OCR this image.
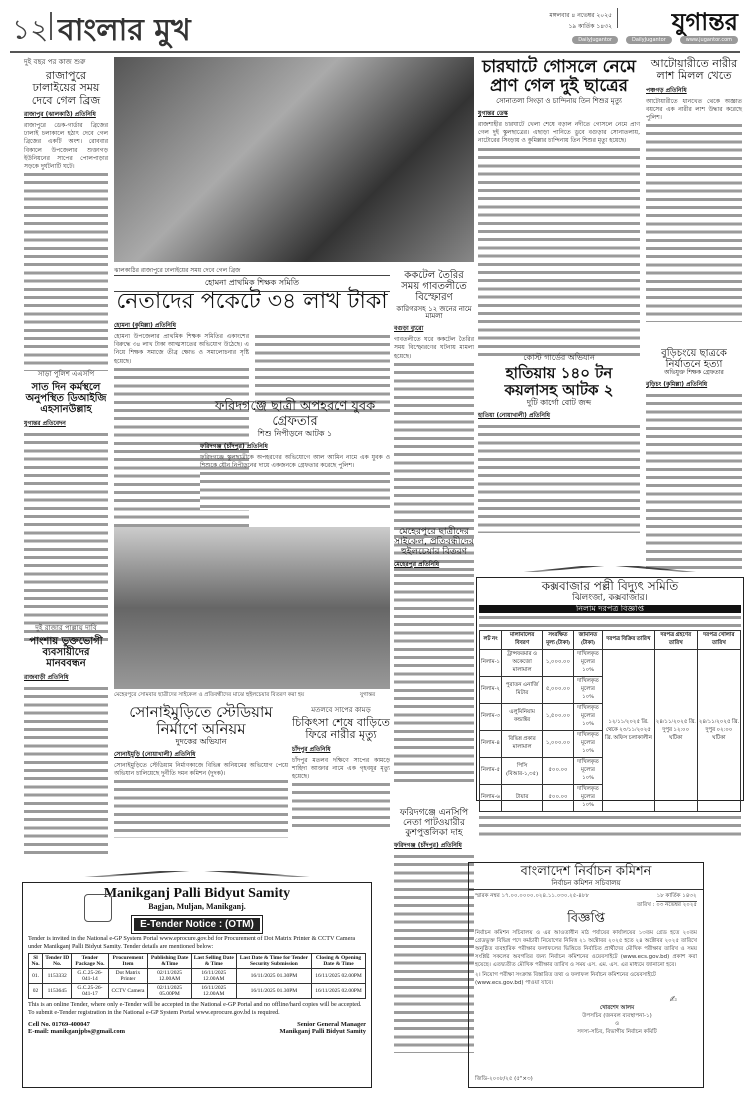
১২ বাংলার মুখ	মঙ্গলবার ৪ নভেম্বর ২০২৫
১৯ কার্তিক ১৪৩২ যুগান্তর
DailyJugantor	DailyJugantor	www.jugantor.com
দুই বছর পর কাজ শুরু
রাজাপুরে ঢালাইয়ের সময় দেবে গেল ব্রিজ
রাজাপুর (ঝালকাঠি) প্রতিনিধি
রাজাপুরে ডেক-গার্ডার ব্রিজের ঢালাই চলাকালে হঠাৎ দেবে গেল ব্রিজের একটি অংশ। রোববার বিকালে উপজেলার শুক্তাগড় ইউনিয়নের সাপের পোলপাড়ার সড়কে দুর্ঘটনাটি ঘটে।
সাড়া পুলিশ এএসপি
সাত দিন কর্মস্থলে অনুপস্থিত ডিআইজি এহসানউল্লাহ
যুগান্তর প্রতিবেদন
দুই রাজার পাল্লায় দাবি
পাংশায় ভুক্তভোগী ব্যবসায়ীদের মানববন্ধন
রাজবাড়ী প্রতিনিধি
ঝালকাঠির রাজাপুরে ঢালাইয়ের সময় দেবে গেল ব্রিজ
হোমনা প্রাথমিক শিক্ষক সমিতি
নেতাদের পকেটে ৩৪ লাখ টাকা
হোমনা (কুমিল্লা) প্রতিনিধি
হোমনা উপজেলার প্রাথমিক শিক্ষক সমিতির একাংশের বিরুদ্ধে ৩৪ লাখ টাকা আত্মসাতের অভিযোগ উঠেছে। এ নিয়ে শিক্ষক সমাজে তীব্র ক্ষোভ ও সমালোচনার সৃষ্টি হয়েছে।
ককটেল তৈরির সময় গাবতলীতে বিস্ফোরণ
কারিগরসহ ১২ জনের নামে মামলা
বগুড়া ব্যুরো
গাবতলীতে ঘরে ককটেল তৈরির সময় বিস্ফোরণের ঘটনায় মামলা হয়েছে।
ফরিদগঞ্জে ছাত্রী অপহরণে যুবক গ্রেফতার
শিশু নিপীড়নে আটক ১
ফরিদগঞ্জ (চাঁদপুর) প্রতিনিধি
ফরিদগঞ্জে স্কুলছাত্রীকে অপহরণের অভিযোগে আল আমিন নামে এক যুবক ও শিশুকে যৌন নিপীড়নের দায়ে একজনকে গ্রেফতার করেছে পুলিশ।
মেহেরপুরে সোমবার ছাত্রীদের সাইকেল ও প্রতিবন্ধীদের মাঝে হুইলচেয়ার বিতরণ করা হয়	যুগান্তর
মেহেরপুরে ছাত্রীদের সাইকেল, প্রতিবন্ধীদের হুইলচেয়ার বিতরণ
মেহেরপুর প্রতিনিধি
সোনাইমুড়িতে স্টেডিয়াম নির্মাণে অনিয়ম
দুদকের অভিযান
সোনাইমুড়ি (নোয়াখালী) প্রতিনিধি
সোনাইমুড়িতে স্টেডিয়াম নির্মাণকাজে বিভিন্ন অনিয়মের অভিযোগ পেয়ে অভিযান চালিয়েছে দুর্নীতি দমন কমিশন (দুদক)।
মতলবে সাপের কামড়
চিকিৎসা শেষে বাড়িতে ফিরে নারীর মৃত্যু
চাঁদপুর প্রতিনিধি
চাঁদপুর মতলব দক্ষিণে সাপের কামড়ে শাহিদা আক্তার নামে এক গৃহবধূর মৃত্যু হয়েছে।
ফরিদগঞ্জে এনসিপি নেতা পাটওয়ারীর কুশপুত্তলিকা দাহ
ফরিদগঞ্জ (চাঁদপুর) প্রতিনিধি
চারঘাটে গোসলে নেমে প্রাণ গেল দুই ছাত্রের
সোনাতলা সিংড়া ও চান্দিনায় তিন শিশুর মৃত্যু
যুগান্তর ডেস্ক
রাজশাহীর চারঘাটে খেলা শেষে বড়াল নদীতে গোসলে নেমে প্রাণ গেল দুই স্কুলছাত্রের। এছাড়া পানিতে ডুবে বগুড়ার সোনাতলায়, নাটোরের সিংড়ায় ও কুমিল্লার চান্দিনায় তিন শিশুর মৃত্যু হয়েছে।
আটোয়ারীতে নারীর লাশ মিলল খেতে
পঞ্চগড় প্রতিনিধি
আটোয়ারীতে ধানখেত থেকে অজ্ঞাত বয়সের এক নারীর লাশ উদ্ধার করেছে পুলিশ।
বুড়িচংয়ে ছাত্রকে নির্যাতনে হত্যা
অভিযুক্ত শিক্ষক গ্রেফতার
বুড়িচং (কুমিল্লা) প্রতিনিধি
কোস্ট গার্ডের অভিযান
হাতিয়ায় ১৪০ টন কয়লাসহ আটক ২
দুটি কার্গো বোট জব্দ
হাতিয়া (নোয়াখালী) প্রতিনিধি
কক্সবাজার পল্লী বিদ্যুৎ সমিতি
ঝিলংজা, কক্সবাজার।
নিলাম দরপত্র বিজ্ঞপ্তি
লট নং	মালামালের বিবরণ	সংরক্ষিত মূল্য (টাকা)	জামানত (টাকা)	দরপত্র বিক্রির তারিখ	দরপত্র গ্রহণের তারিখ	দরপত্র খোলার তারিখ
নিলাম-১	ট্রান্সফরমার ও অকেজো মালামাল	১,০০০.০০	দাখিলকৃত মূল্যের ১০%	১২/১১/২০২৫ খ্রি. থেকে ২৩/১১/২০২৫ খ্রি. অফিস চলাকালীন	২৪/১১/২০২৫ খ্রি. দুপুর ১২:০০ ঘটিকা	২৪/১১/২০২৫ খ্রি. দুপুর ০২:০০ ঘটিকা
নিলাম-২	পুরাতন এনার্জি মিটার	৫,০০০.০০	দাখিলকৃত মূল্যের ১০%			
নিলাম-৩	এলুমিনিয়াম কন্ডাক্টর	১,৫০০.০০	দাখিলকৃত মূল্যের ১০%			
নিলাম-৪	বিভিন্ন প্রকার মালামাল	১,০০০.০০	দাখিলকৃত মূল্যের ১০%			
নিলাম-৫	পিসি (বিআর-১,৩৫)	৫০০.০০	দাখিলকৃত মূল্যের ১০%			
নিলাম-৬	টায়ার	৫০০.০০	দাখিলকৃত মূল্যের ১০%			
Manikganj Palli Bidyut Samity
Bagjan, Muljan, Manikganj.
E-Tender Notice : (OTM)
Tender is invited in the National e-GP System Portal www.eprocure.gov.bd for Procurement of Dot Matrix Printer & CCTV Camera under Manikganj Palli Bidyut Samity. Tender details are mentioned below:
Sl No.	Tender ID No.	Tender Package No.	Procurement Item	Publishing Date &Time	Last Selling Date & Time	Last Date & Time for Tender Security Submission	Closing & Opening Date & Time
01.	1153332	G.C.25-26-041-14	Dot Matrix Printer	02/11/2025 12.00AM	16/11/2025 12.00AM	16/11/2025 01.30PM	16/11/2025 02.00PM
02	1153645	G.C.25-26-041-17	CCTV Camera	02/11/2025 05.00PM	16/11/2025 12.00AM	16/11/2025 01.30PM	16/11/2025 02.00PM
This is an online Tender, where only e-Tender will be accepted in the National e-GP Portal and no offline/hard copies will be accepted. To submit e-Tender registration in the National e-GP System Portal www.eprocure.gov.bd is required.
Cell No. 01769-400047
E-mail: manikganjpbs@gmail.com
Senior General Manager
Manikganj Palli Bidyut Samity
বাংলাদেশ নির্বাচন কমিশন
নির্বাচন কমিশন সচিবালয়
স্মারক নম্বর ১৭.০০.০০০০.০২৪.১১.০৩০.২৫-৪৮৮
তারিখ :
১৮ কার্তিক ১৪৩২
০৩ নভেম্বর ২০২৫
বিজ্ঞপ্তি
নির্বাচন কমিশন সচিবালয় ও এর আওতাধীন মাঠ পর্যায়ের কার্যালয়ের ১৩তম গ্রেড হতে ২০তম গ্রেডভুক্ত বিভিন্ন পদে কর্মচারী নিয়োগের নিমিত্ত ২১ অক্টোবর ২০২৫ হতে ২৪ অক্টোবর ২০২৫ তারিখে অনুষ্ঠিত ব্যবহারিক পরীক্ষার ফলাফলের ভিত্তিতে নির্বাচিত প্রার্থীদের মৌখিক পরীক্ষার তারিখ ও সময় সংশ্লিষ্ট সকলের অবগতির জন্য নির্বাচন কমিশনের ওয়েবসাইটে (www.ecs.gov.bd) প্রকাশ করা হয়েছে। এতদ্ব্যতীত মৌখিক পরীক্ষার তারিখ ও সময় এস. এম. এস. এর মাধ্যমে জানানো হবে।
২। নিয়োগ পরীক্ষা সংক্রান্ত বিস্তারিত তথ্য ও ফলাফল নির্বাচন কমিশনের ওয়েবসাইটে (www.ecs.gov.bd) পাওয়া যাবে।
✍
খোরশেদ আলম
উপসচিব (জনবল ব্যবস্থাপনা-১)
ও
সদস্য-সচিব, বিভাগীয় নির্বাচন কমিটি
জিডি-২০০৮/২৫ (৫"×৩)
